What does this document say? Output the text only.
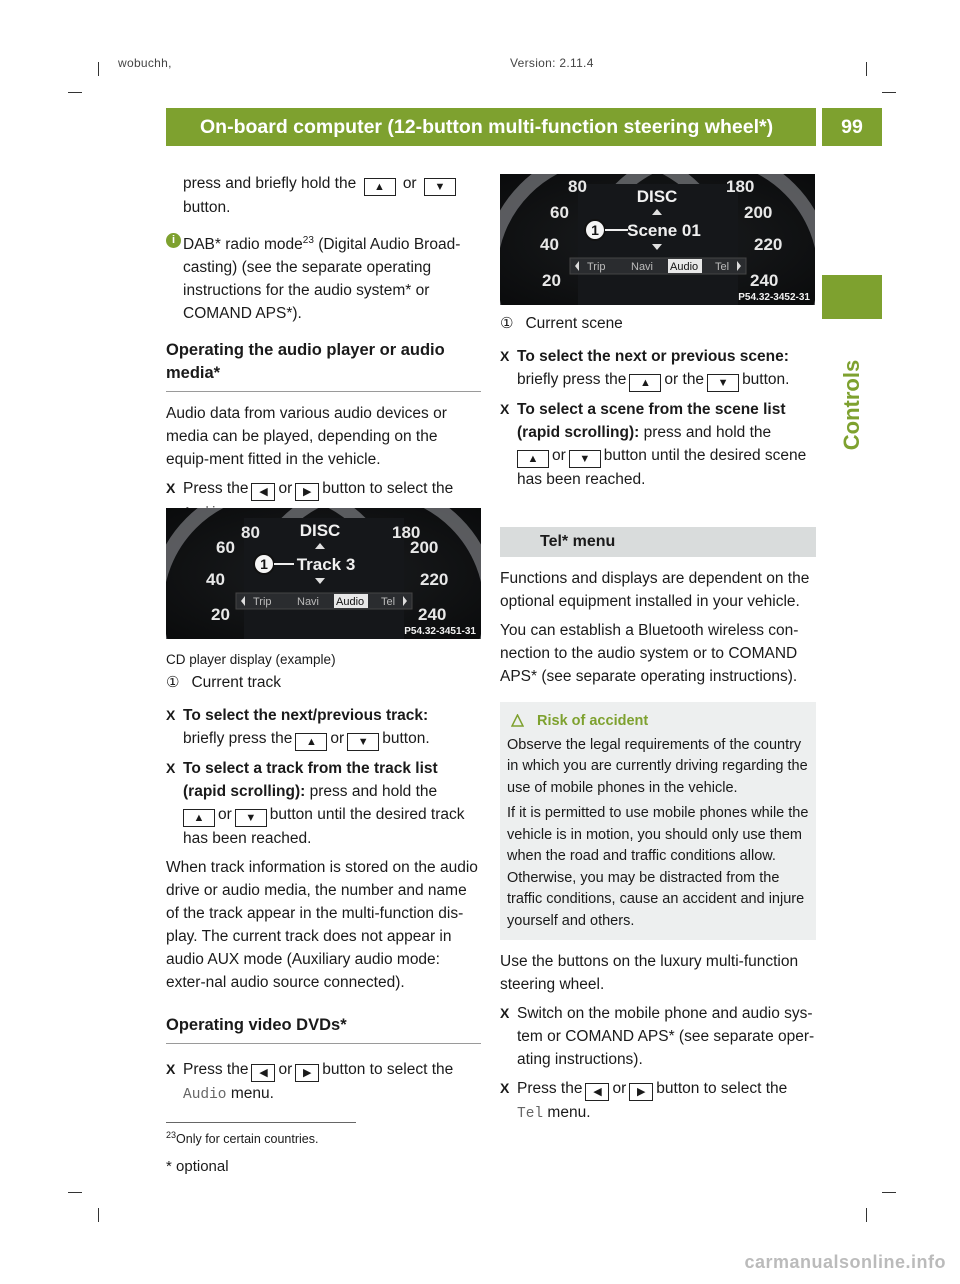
wobuchh,	Version: 2.11.4
On-board computer (12-button multi-function steering wheel*)	99
Controls

press and briefly hold the ▲ or ▼
button.

i DAB* radio mode$^{23}$ (Digital Audio Broad-casting) (see the separate operating instructions for the audio system* or COMAND APS*).

Operating the audio player or audio media*

Audio data from various audio devices or media can be played, depending on the equip-ment fitted in the vehicle.

X Press the ◀ or ▶ button to select the

80
60
40
20
180
200
220
240
DISC
1 Track 3
Trip Navi Audio Tel
P54.32-3451-31

CD player display (example)

① Current track

X To select the next/previous track:
briefly press the ▲ or ▼ button.
X To select a track from the track list (rapid scrolling): press and hold the
▲ or ▼ button until the desired track has been reached.

When track information is stored on the audio drive or audio media, the number and name of the track appear in the multi-function dis-play. The current track does not appear in audio AUX mode (Auxiliary audio mode: exter-nal audio source connected).

Operating video DVDs*
X Press the ◀ or ▶ button to select the
Audio menu.
80
60
40
20
180
200
220
240
DISC
1 Scene 01
Trip Navi Audio Tel
P54.32-3452-31

① Current scene

X To select the next or previous scene:
briefly press the ▲ or the ▼ button.
X To select a scene from the scene list (rapid scrolling): press and hold the
▲ or ▼ button until the desired scene has been reached.
Tel* menu

Functions and displays are dependent on the optional equipment installed in your vehicle.

You can establish a Bluetooth wireless con-nection to the audio system or to COMAND APS* (see separate operating instructions).

Risk of accident

Observe the legal requirements of the country in which you are currently driving regarding the use of mobile phones in the vehicle.

If it is permitted to use mobile phones while the vehicle is in motion, you should only use them when the road and traffic conditions allow. Otherwise, you may be distracted from the traffic conditions, cause an accident and injure yourself and others.

Use the buttons on the luxury multi-function steering wheel.

X Switch on the mobile phone and audio sys-tem or COMAND APS* (see separate oper-ating instructions).
X Press the ◀ or ▶ button to select the
Tel menu.
$^{23}$Only for certain countries.
* optional
carmanualsonline.info
